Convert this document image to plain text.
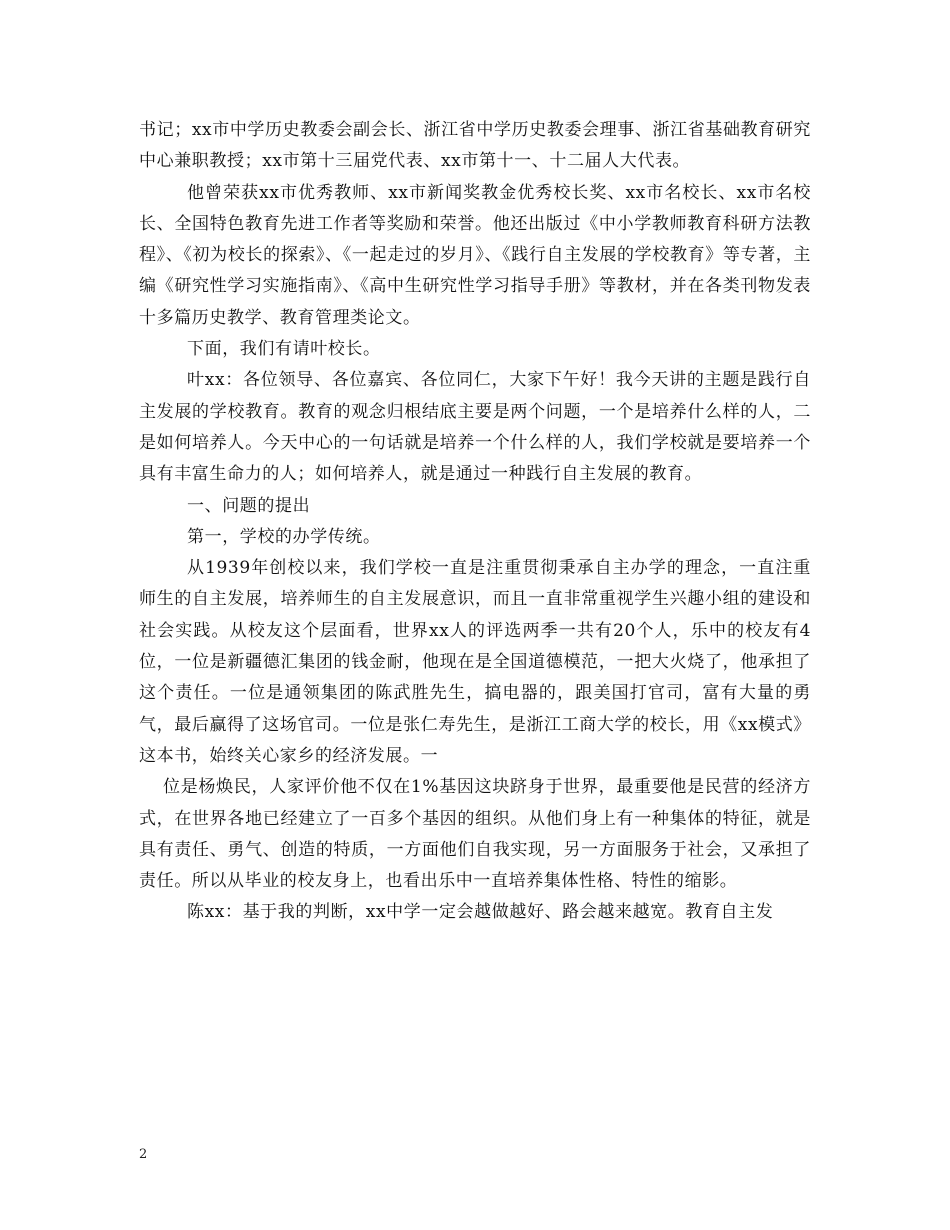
书记；xx市中学历史教委会副会长、浙江省中学历史教委会理事、浙江省基础教育研究中心兼职教授；xx市第十三届党代表、xx市第十一、十二届人大代表。

他曾荣获xx市优秀教师、xx市新闻奖教金优秀校长奖、xx市名校长、xx市名校长、全国特色教育先进工作者等奖励和荣誉。他还出版过《中小学教师教育科研方法教程》、《初为校长的探索》、《一起走过的岁月》、《践行自主发展的学校教育》等专著，主编《研究性学习实施指南》、《高中生研究性学习指导手册》等教材，并在各类刊物发表十多篇历史教学、教育管理类论文。

下面，我们有请叶校长。

叶xx：各位领导、各位嘉宾、各位同仁，大家下午好！我今天讲的主题是践行自主发展的学校教育。教育的观念归根结底主要是两个问题，一个是培养什么样的人，二是如何培养人。今天中心的一句话就是培养一个什么样的人，我们学校就是要培养一个具有丰富生命力的人；如何培养人，就是通过一种践行自主发展的教育。

一、问题的提出

第一，学校的办学传统。

从1939年创校以来，我们学校一直是注重贯彻秉承自主办学的理念，一直注重师生的自主发展，培养师生的自主发展意识，而且一直非常重视学生兴趣小组的建设和社会实践。从校友这个层面看，世界xx人的评选两季一共有20个人，乐中的校友有4位，一位是新疆德汇集团的钱金耐，他现在是全国道德模范，一把大火烧了，他承担了这个责任。一位是通领集团的陈武胜先生，搞电器的，跟美国打官司，富有大量的勇气，最后赢得了这场官司。一位是张仁寿先生，是浙江工商大学的校长，用《xx模式》这本书，始终关心家乡的经济发展。一

位是杨焕民，人家评价他不仅在1%基因这块跻身于世界，最重要他是民营的经济方式，在世界各地已经建立了一百多个基因的组织。从他们身上有一种集体的特征，就是具有责任、勇气、创造的特质，一方面他们自我实现，另一方面服务于社会，又承担了责任。所以从毕业的校友身上，也看出乐中一直培养集体性格、特性的缩影。

陈xx：基于我的判断，xx中学一定会越做越好、路会越来越宽。教育自主发

2
